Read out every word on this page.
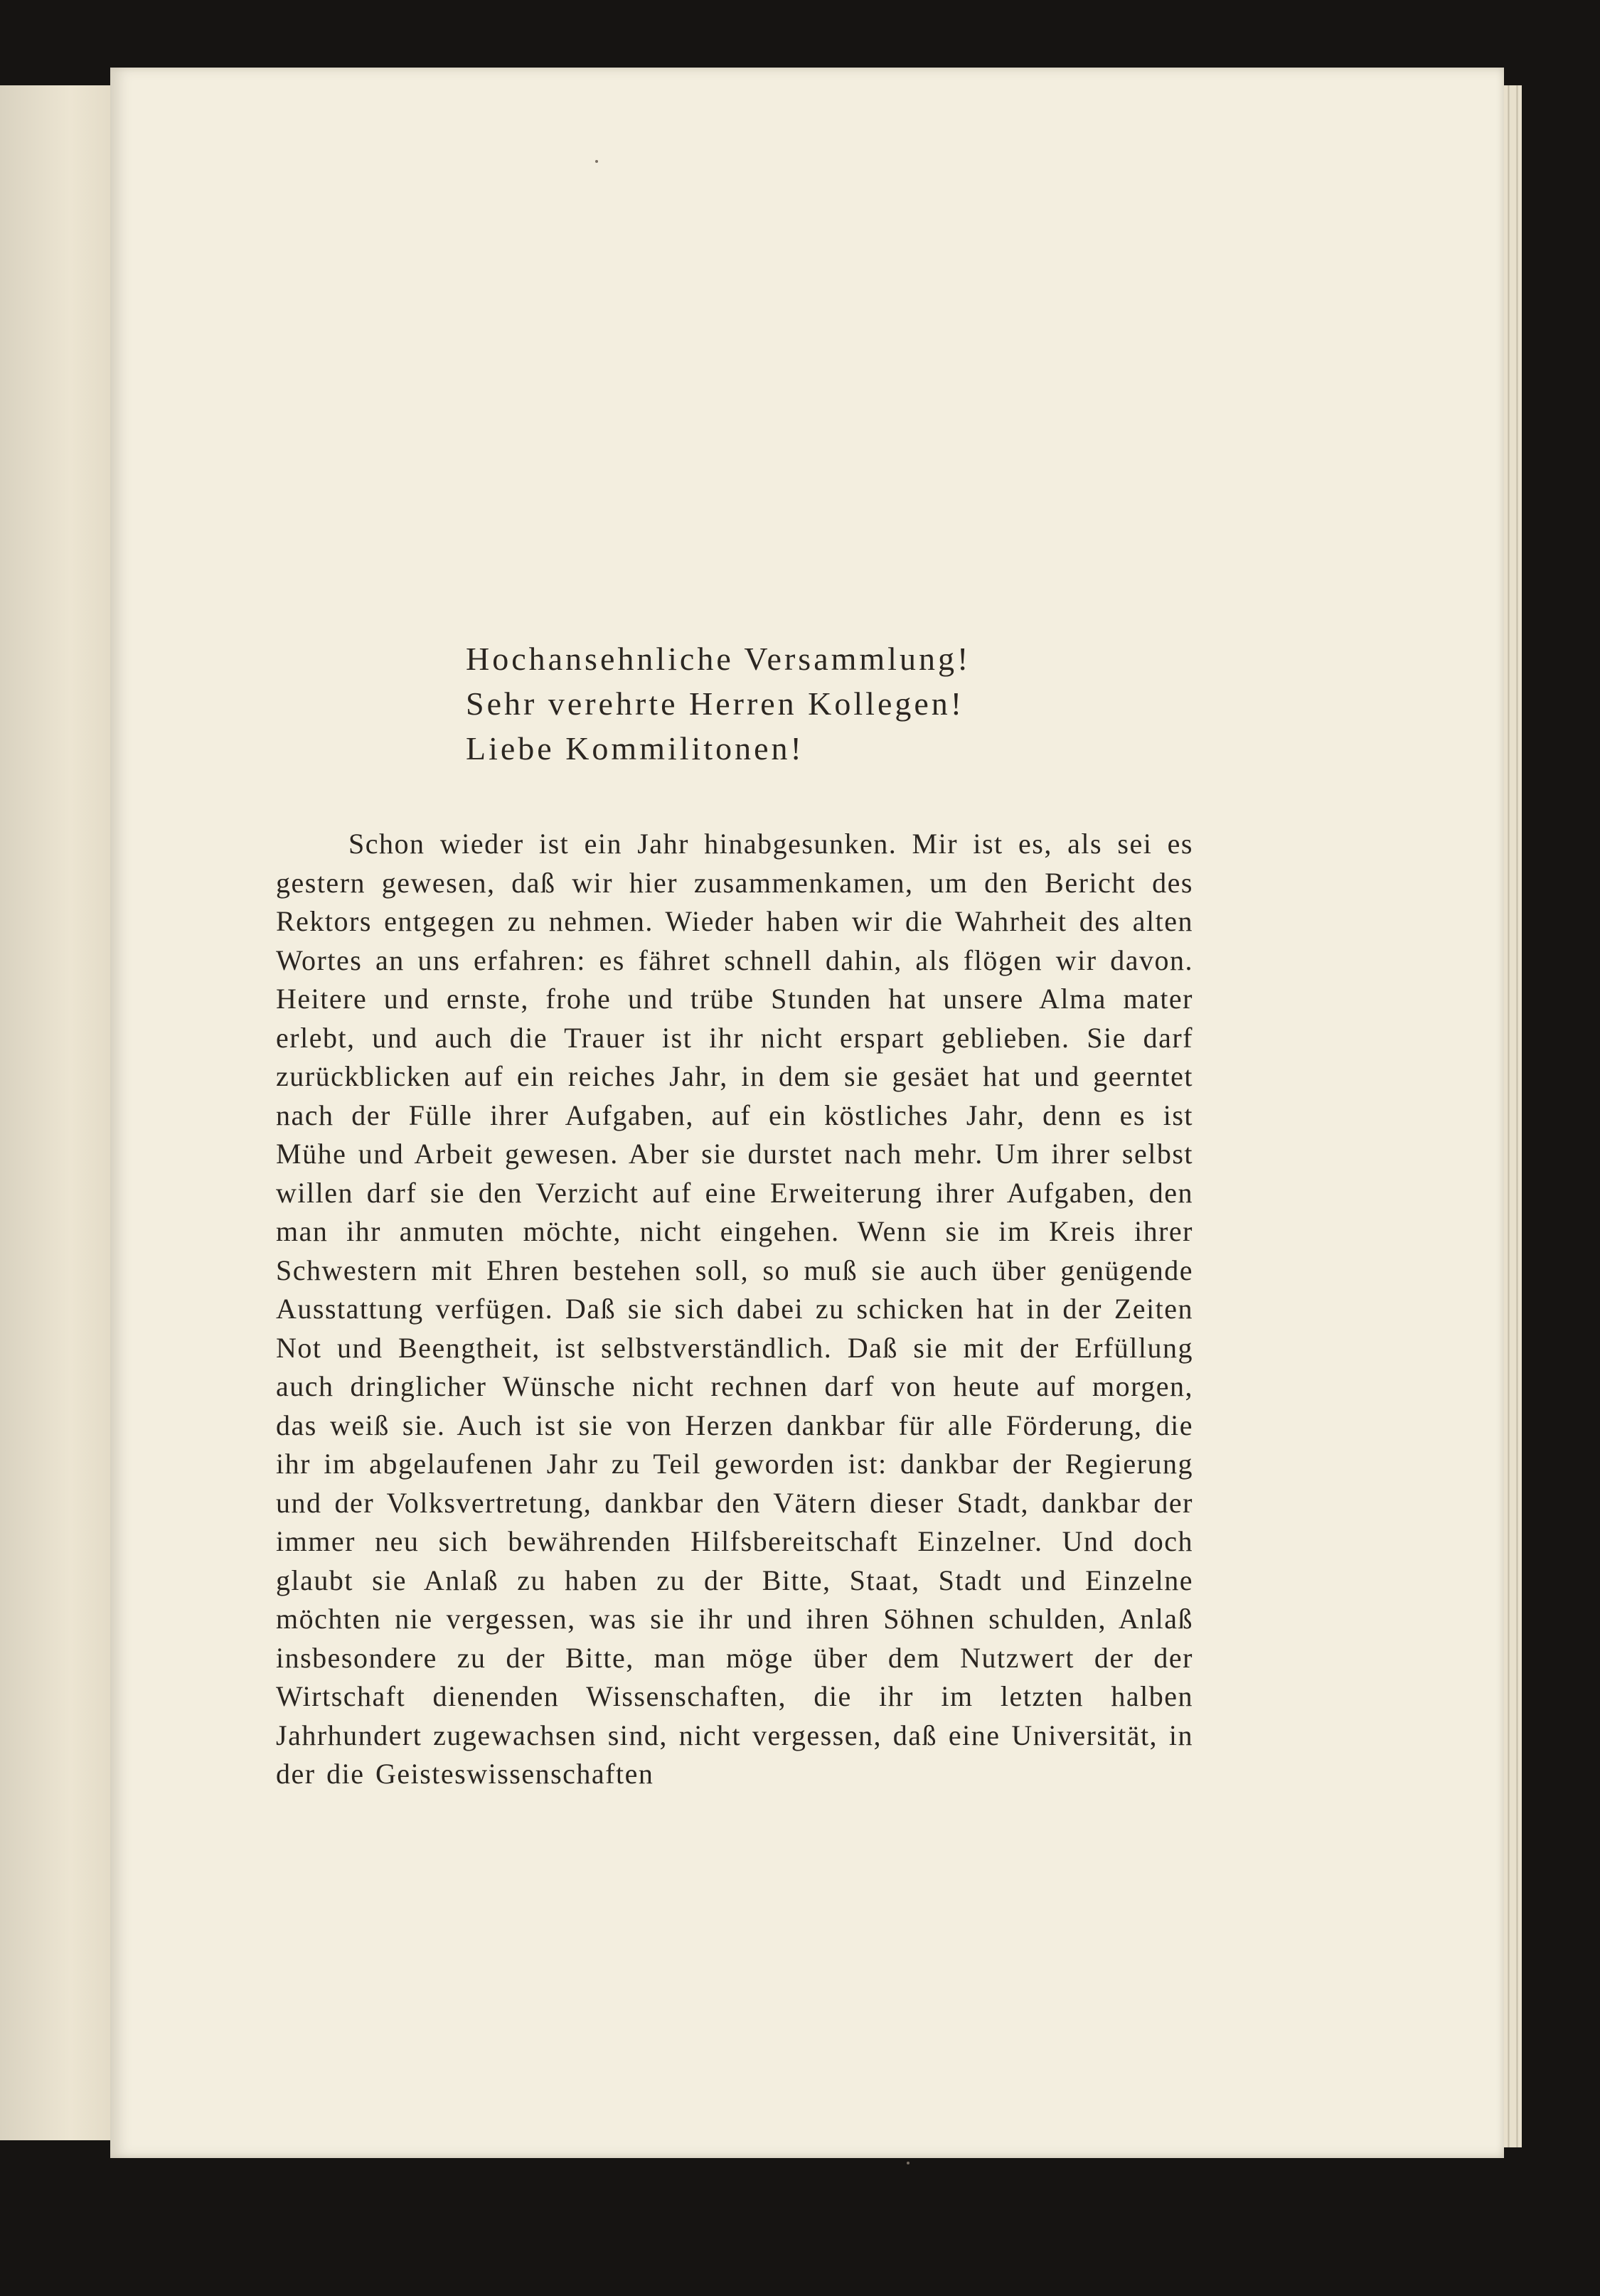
Hochansehnliche Versammlung!
Sehr verehrte Herren Kollegen!
Liebe Kommilitonen!

Schon wieder ist ein Jahr hinabgesunken. Mir ist es, als sei es gestern gewesen, daß wir hier zusammenkamen, um den Bericht des Rektors entgegen zu nehmen. Wieder haben wir die Wahrheit des alten Wortes an uns erfahren: es fähret schnell dahin, als flögen wir davon. Heitere und ernste, frohe und trübe Stunden hat unsere Alma mater erlebt, und auch die Trauer ist ihr nicht erspart geblieben. Sie darf zurückblicken auf ein reiches Jahr, in dem sie gesäet hat und geerntet nach der Fülle ihrer Aufgaben, auf ein köstliches Jahr, denn es ist Mühe und Arbeit gewesen. Aber sie durstet nach mehr. Um ihrer selbst willen darf sie den Verzicht auf eine Erweiterung ihrer Aufgaben, den man ihr anmuten möchte, nicht eingehen. Wenn sie im Kreis ihrer Schwestern mit Ehren bestehen soll, so muß sie auch über genügende Ausstattung verfügen. Daß sie sich dabei zu schicken hat in der Zeiten Not und Beengtheit, ist selbstverständlich. Daß sie mit der Erfüllung auch dringlicher Wünsche nicht rechnen darf von heute auf morgen, das weiß sie. Auch ist sie von Herzen dankbar für alle Förderung, die ihr im abgelaufenen Jahr zu Teil geworden ist: dankbar der Regierung und der Volksvertretung, dankbar den Vätern dieser Stadt, dankbar der immer neu sich bewährenden Hilfsbereitschaft Einzelner. Und doch glaubt sie Anlaß zu haben zu der Bitte, Staat, Stadt und Einzelne möchten nie vergessen, was sie ihr und ihren Söhnen schulden, Anlaß insbesondere zu der Bitte, man möge über dem Nutzwert der der Wirtschaft dienenden Wissenschaften, die ihr im letzten halben Jahrhundert zugewachsen sind, nicht vergessen, daß eine Universität, in der die Geisteswissenschaften
